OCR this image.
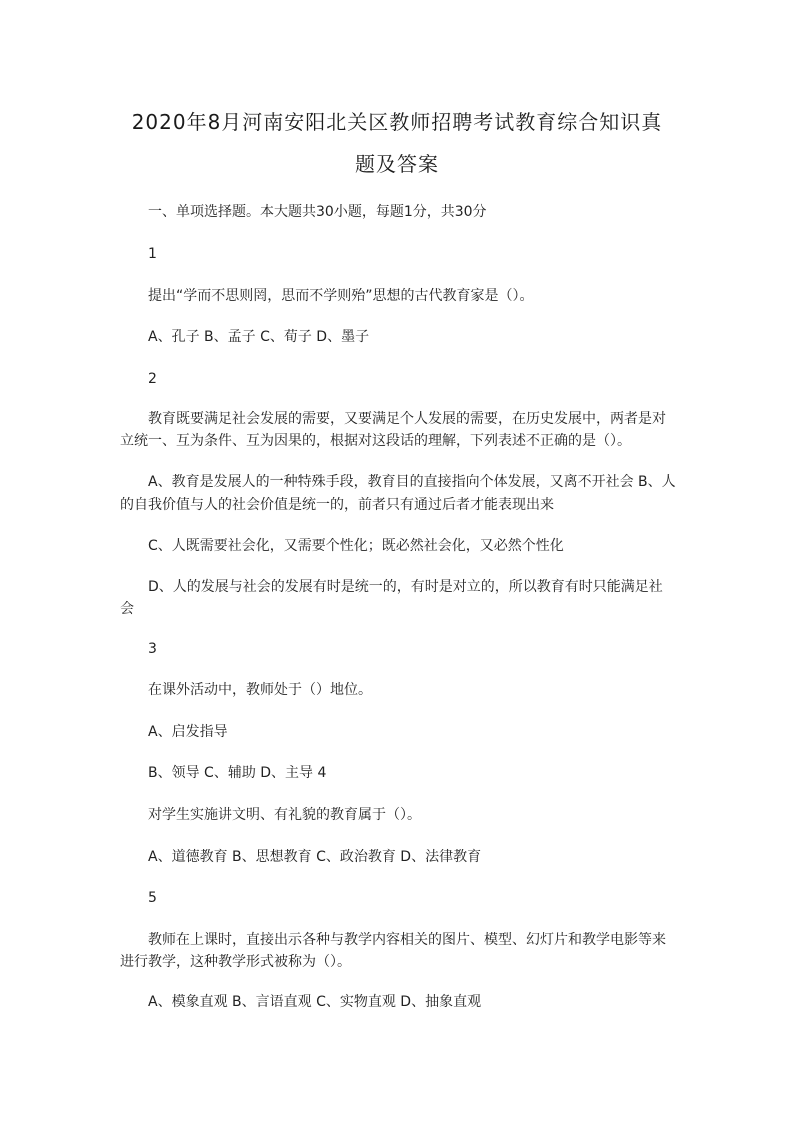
2020年8月河南安阳北关区教师招聘考试教育综合知识真
题及答案
一、单项选择题。本大题共30小题，每题1分，共30分
1
提出“学而不思则罔，思而不学则殆”思想的古代教育家是（）。
A、孔子 B、孟子 C、荀子 D、墨子
2
教育既要满足社会发展的需要，又要满足个人发展的需要，在历史发展中，两者是对
立统一、互为条件、互为因果的，根据对这段话的理解，下列表述不正确的是（）。
A、教育是发展人的一种特殊手段，教育目的直接指向个体发展，又离不开社会 B、人
的自我价值与人的社会价值是统一的，前者只有通过后者才能表现出来
C、人既需要社会化，又需要个性化；既必然社会化，又必然个性化
D、人的发展与社会的发展有时是统一的，有时是对立的，所以教育有时只能满足社
会
3
在课外活动中，教师处于（）地位。
A、启发指导
B、领导 C、辅助 D、主导 4
对学生实施讲文明、有礼貌的教育属于（）。
A、道德教育 B、思想教育 C、政治教育 D、法律教育
5
教师在上课时，直接出示各种与教学内容相关的图片、模型、幻灯片和教学电影等来
进行教学，这种教学形式被称为（）。
A、模象直观 B、言语直观 C、实物直观 D、抽象直观
